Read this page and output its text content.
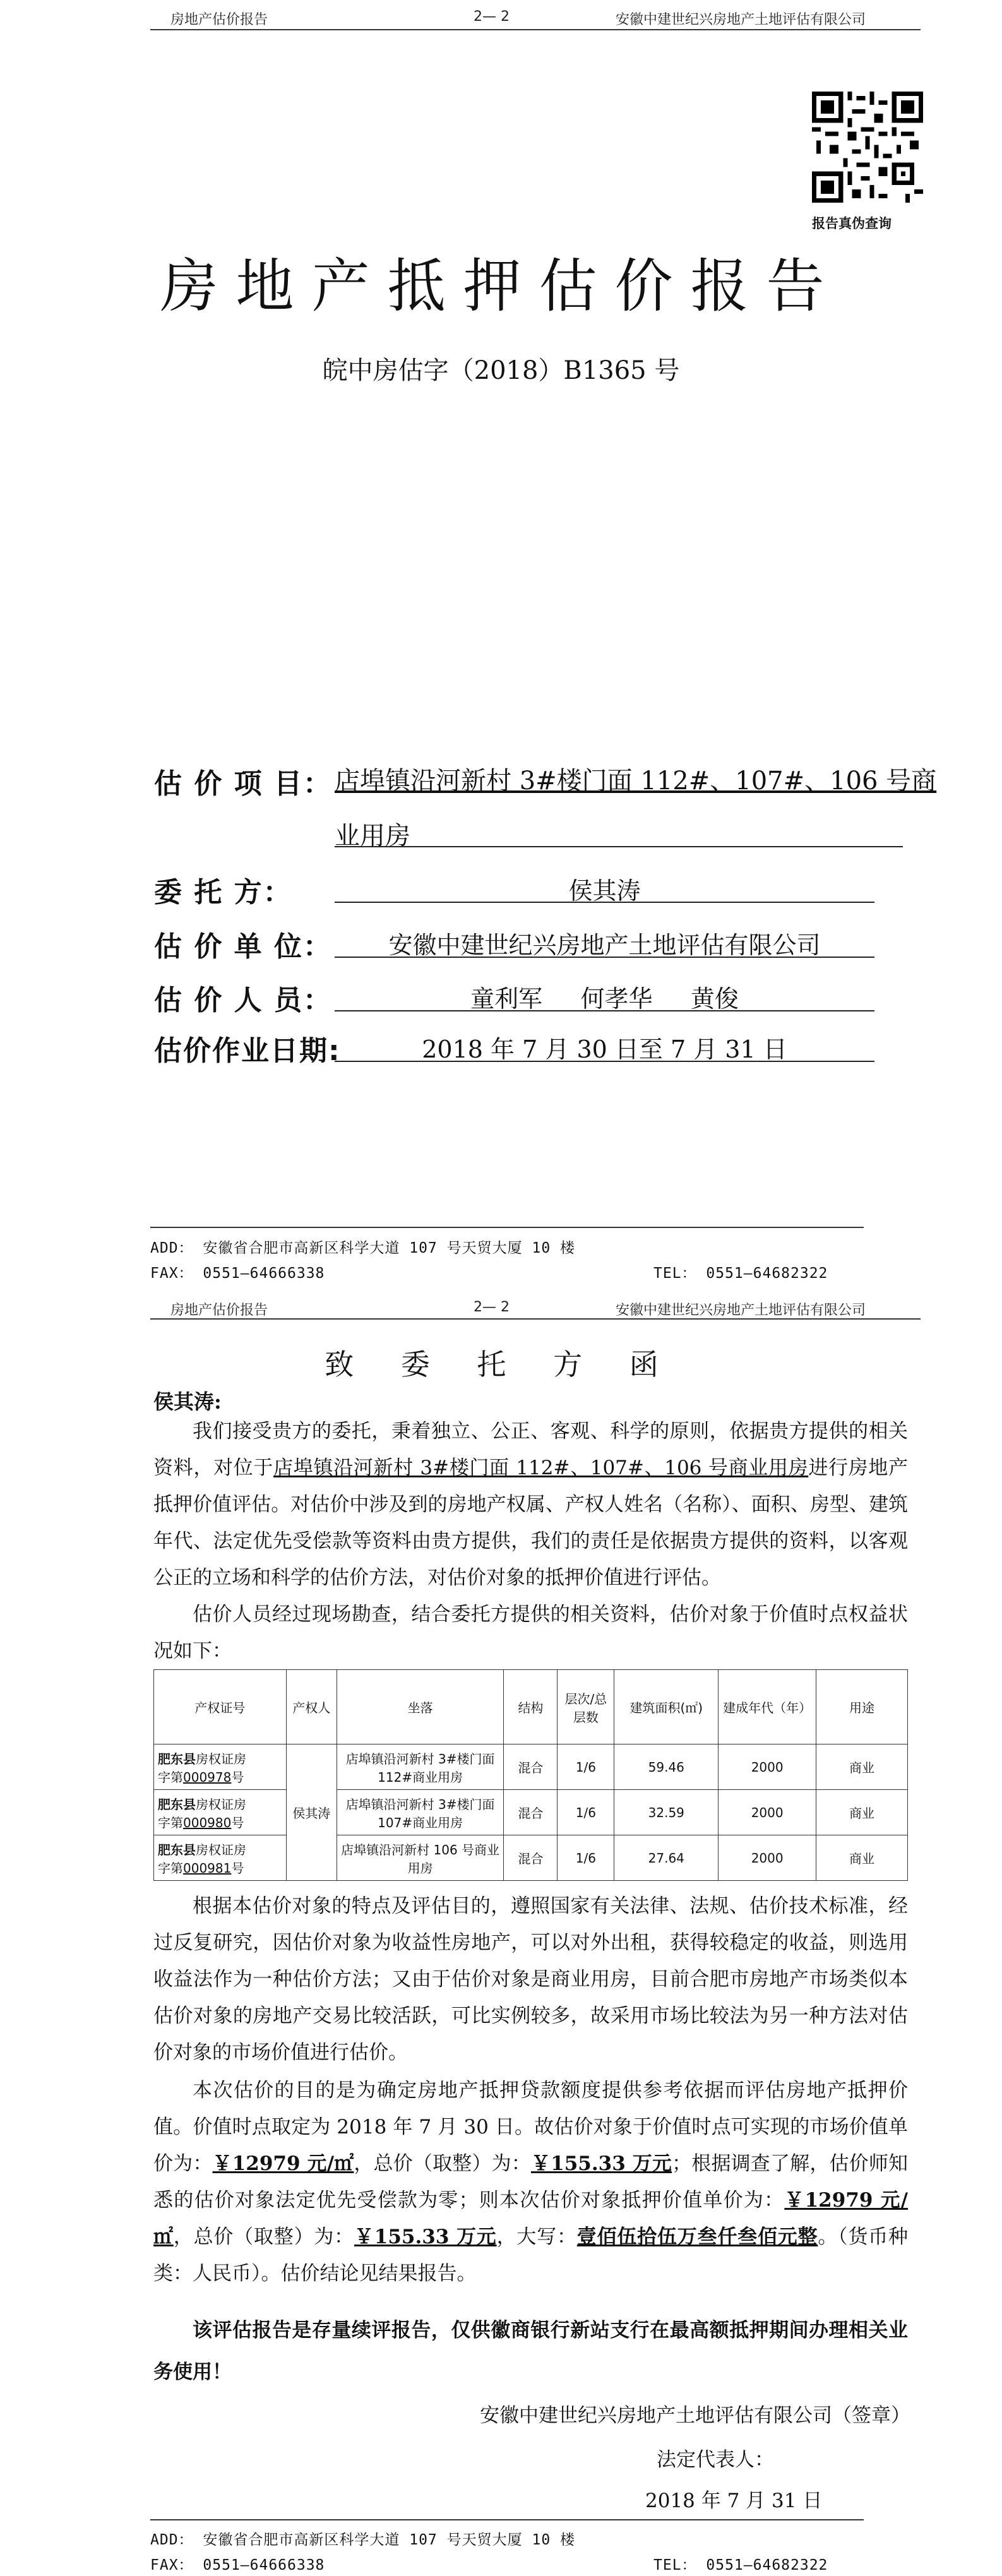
房地产估价报告	2— 2	安徽中建世纪兴房地产土地评估有限公司
报告真伪查询
房地产抵押估价报告
皖中房估字（2018）B1365 号
估 价 项 目： 店埠镇沿河新村 3#楼门面 112#、107#、106 号商
业用房
委 托 方：	侯其涛
估 价 单 位：	安徽中建世纪兴房地产土地评估有限公司
估 价 人 员：	童利军     何孝华     黄俊
估价作业日期:	2018 年 7 月 30 日至 7 月 31 日
ADD： 安徽省合肥市高新区科学大道 107 号天贸大厦 10 楼
FAX： 0551—64666338	TEL： 0551—64682322
房地产估价报告	2— 2	安徽中建世纪兴房地产土地评估有限公司
致 委 托 方 函
侯其涛:
我们接受贵方的委托，秉着独立、公正、客观、科学的原则，依据贵方提供的相关资料，对位于店埠镇沿河新村 3#楼门面 112#、107#、106 号商业用房进行房地产抵押价值评估。对估价中涉及到的房地产权属、产权人姓名（名称）、面积、房型、建筑年代、法定优先受偿款等资料由贵方提供，我们的责任是依据贵方提供的资料，以客观公正的立场和科学的估价方法，对估价对象的抵押价值进行评估。
估价人员经过现场勘查，结合委托方提供的相关资料，估价对象于价值时点权益状况如下：
产权证号	产权人	坐落	结构	层次/总层数	建筑面积(㎡)	建成年代（年）	用途
肥东县房权证房
字第000978号	侯其涛	店埠镇沿河新村 3#楼门面 112#商业用房	混合	1/6	59.46	2000	商业
肥东县房权证房
字第000980号		店埠镇沿河新村 3#楼门面 107#商业用房	混合	1/6	32.59	2000	商业
肥东县房权证房
字第000981号		店埠镇沿河新村 106 号商业用房	混合	1/6	27.64	2000	商业
根据本估价对象的特点及评估目的，遵照国家有关法律、法规、估价技术标准，经过反复研究，因估价对象为收益性房地产，可以对外出租，获得较稳定的收益，则选用收益法作为一种估价方法；又由于估价对象是商业用房，目前合肥市房地产市场类似本估价对象的房地产交易比较活跃，可比实例较多，故采用市场比较法为另一种方法对估价对象的市场价值进行估价。
本次估价的目的是为确定房地产抵押贷款额度提供参考依据而评估房地产抵押价值。价值时点取定为 2018 年 7 月 30 日。故估价对象于价值时点可实现的市场价值单价为：￥12979 元/㎡，总价（取整）为：￥155.33 万元；根据调查了解，估价师知悉的估价对象法定优先受偿款为零；则本次估价对象抵押价值单价为：￥12979 元/㎡，总价（取整）为：￥155.33 万元，大写：壹佰伍拾伍万叁仟叁佰元整。（货币种类：人民币）。估价结论见结果报告。
该评估报告是存量续评报告，仅供徽商银行新站支行在最高额抵押期间办理相关业务使用！
安徽中建世纪兴房地产土地评估有限公司（签章）
法定代表人：
2018 年 7 月 31 日
ADD： 安徽省合肥市高新区科学大道 107 号天贸大厦 10 楼
FAX： 0551—64666338	TEL： 0551—64682322
